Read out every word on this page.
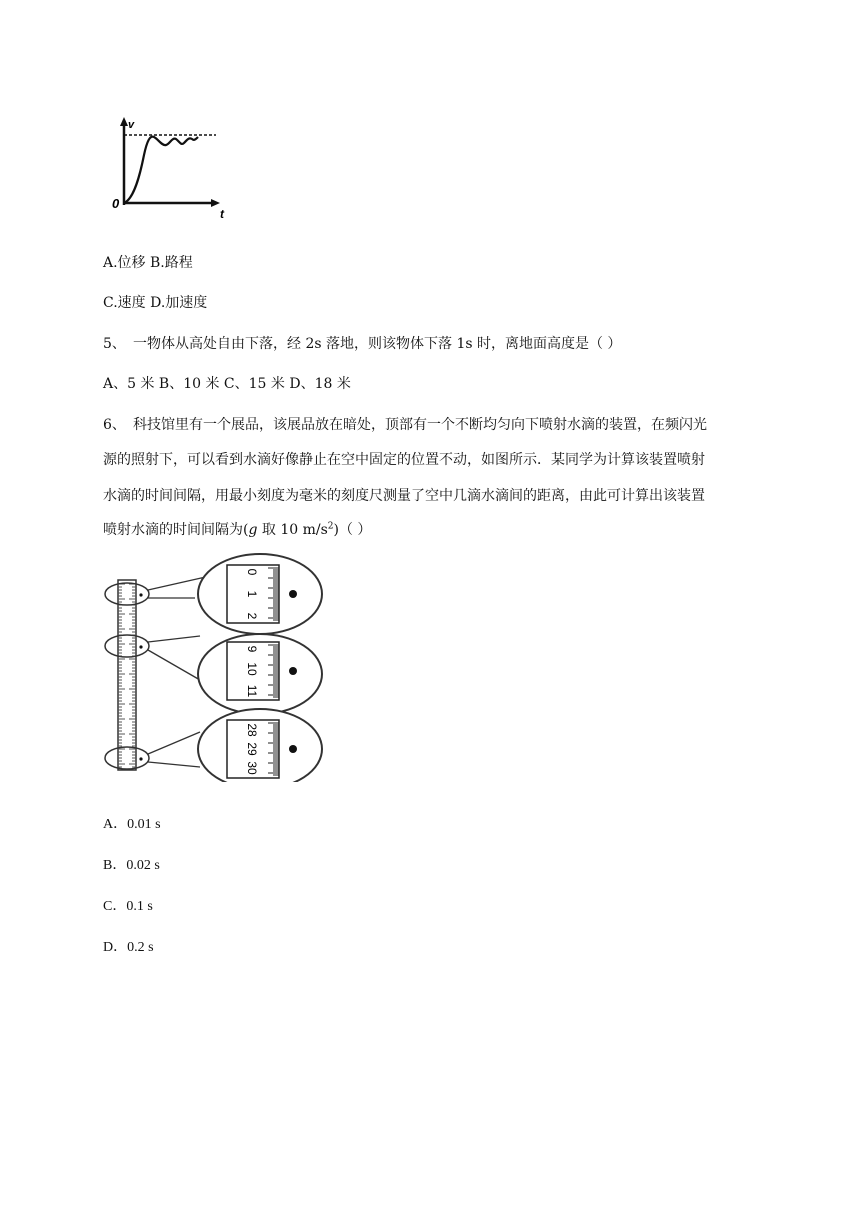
v
t
0
A.位移 B.路程
C.速度 D.加速度
5、 一物体从高处自由下落，经 2s 落地，则该物体下落 1s 时，离地面高度是（ ）
A、5 米 B、10 米 C、15 米 D、18 米
6、 科技馆里有一个展品，该展品放在暗处，顶部有一个不断均匀向下喷射水滴的装置，在频闪光
源的照射下，可以看到水滴好像静止在空中固定的位置不动，如图所示．某同学为计算该装置喷射
水滴的时间间隔，用最小刻度为毫米的刻度尺测量了空中几滴水滴间的距离，由此可计算出该装置
喷射水滴的时间间隔为(g 取 10 $m/s^2$)（ ）
0
1
2
9
10
11
28
29
30
A．0.01 s
B．0.02 s
C．0.1 s
D．0.2 s
